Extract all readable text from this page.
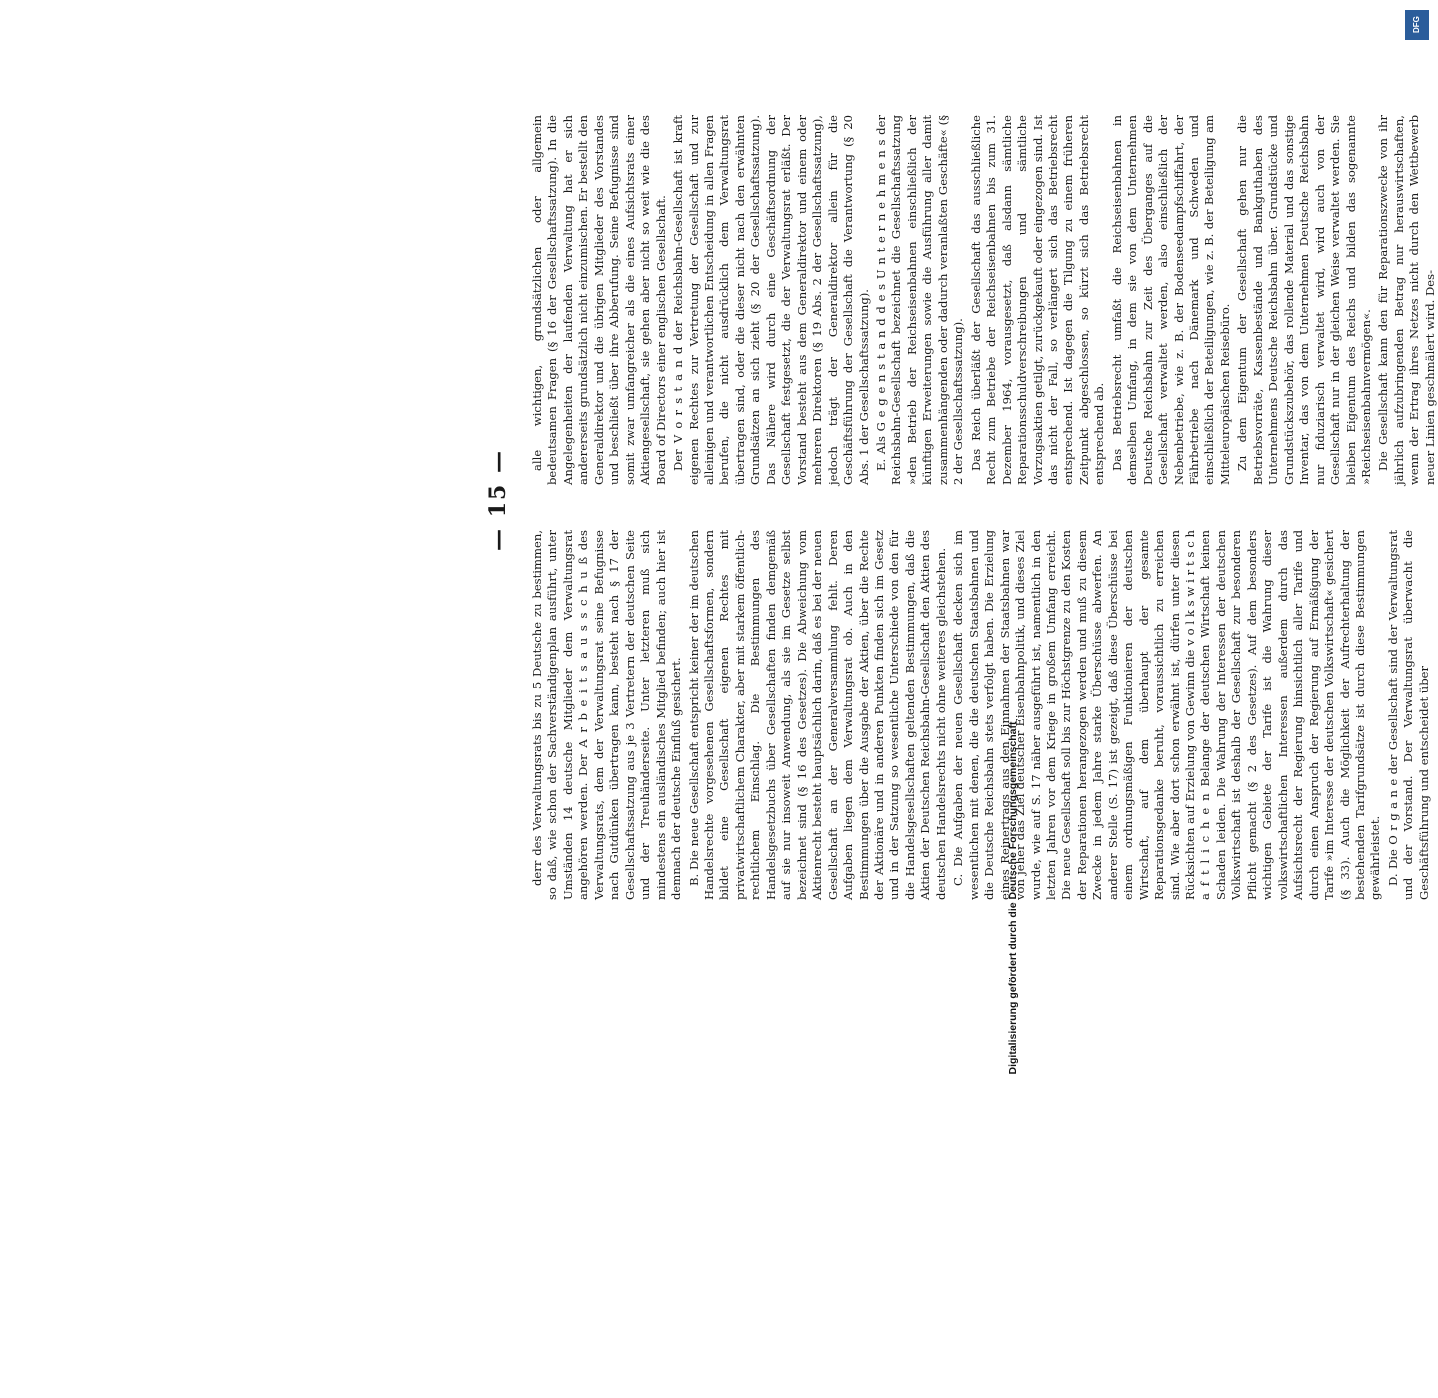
— 15 —

derr des Verwaltungsrats bis zu 5 Deutsche zu bestimmen, so daß, wie schon der Sachverständigenplan ausführt, unter Umständen 14 deutsche Mitglieder dem Verwaltungsrat angehören werden. Der A r b e i t s a u s s c h u ß des Verwaltungsrats, dem der Verwaltungsrat seine Befugnisse nach Gutdünken übertragen kann, besteht nach § 17 der Gesellschaftssatzung aus je 3 Vertretern der deutschen Seite und der Treuhänderseite. Unter letzteren muß sich mindestens ein ausländisches Mitglied befinden; auch hier ist demnach der deutsche Einfluß gesichert. B. Die neue Gesellschaft entspricht keiner der im deutschen Handelsrechte vorgesehenen Gesellschaftsformen, sondern bildet eine Gesellschaft eigenen Rechtes mit privatwirtschaftlichem Charakter, aber mit starkem öffentlich-rechtlichem Einschlag. Die Bestimmungen des Handelsgesetzbuchs über Gesellschaften finden demgemäß auf sie nur insoweit Anwendung, als sie im Gesetze selbst bezeichnet sind (§ 16 des Gesetzes). Die Abweichung vom Aktienrecht besteht hauptsächlich darin, daß es bei der neuen Gesellschaft an der Generalversammlung fehlt. Deren Aufgaben liegen dem Verwaltungsrat ob. Auch in den Bestimmungen über die Ausgabe der Aktien, über die Rechte der Aktionäre und in anderen Punkten finden sich im Gesetz und in der Satzung so wesentliche Unterschiede von den für die Handelsgesellschaften geltenden Bestimmungen, daß die Aktien der Deutschen Reichsbahn-Gesellschaft den Aktien des deutschen Handelsrechts nicht ohne weiteres gleichstehen. C. Die Aufgaben der neuen Gesellschaft decken sich im wesentlichen mit denen, die die deutschen Staatsbahnen und die Deutsche Reichsbahn stets verfolgt haben. Die Erzielung eines Reinertrags aus den Einnahmen der Staatsbahnen war von jeher das Ziel deutscher Eisenbahnpolitik, und dieses Ziel wurde, wie auf S. 17 näher ausgeführt ist, namentlich in den letzten Jahren vor dem Kriege in großem Umfang erreicht. Die neue Gesellschaft soll bis zur Höchstgrenze zu den Kosten der Reparationen herangezogen werden und muß zu diesem Zwecke in jedem Jahre starke Überschüsse abwerfen. An anderer Stelle (S. 17) ist gezeigt, daß diese Überschüsse bei einem ordnungsmäßigen Funktionieren der deutschen Wirtschaft, auf dem überhaupt der gesamte Reparationsgedanke beruht, voraussichtlich zu erreichen sind. Wie aber dort schon erwähnt ist, dürfen unter diesen Rücksichten auf Erzielung von Gewinn die v o l k s w i r t s c h a f t l i c h e n Belange der deutschen Wirtschaft keinen Schaden leiden. Die Wahrung der Interessen der deutschen Volkswirtschaft ist deshalb der Gesellschaft zur besonderen Pflicht gemacht (§ 2 des Gesetzes). Auf dem besonders wichtigen Gebiete der Tarife ist die Wahrung dieser volkswirtschaftlichen Interessen außerdem durch das Aufsichtsrecht der Regierung hinsichtlich aller Tarife und durch einen Anspruch der Regierung auf Ermäßigung der Tarife »im Interesse der deutschen Volkswirtschaft« gesichert (§ 33). Auch die Möglichkeit der Aufrechterhaltung der bestehenden Tarifgrundsätze ist durch diese Bestimmungen gewährleistet. D. Die O r g a n e der Gesellschaft sind der Verwaltungsrat und der Vorstand. Der Verwaltungsrat überwacht die Geschäftsführung und entscheidet über

alle wichtigen, grundsätzlichen oder allgemein bedeutsamen Fragen (§ 16 der Gesellschaftssatzung). In die Angelegenheiten der laufenden Verwaltung hat er sich andererseits grundsätzlich nicht einzumischen. Er bestellt den Generaldirektor und die übrigen Mitglieder des Vorstandes und beschließt über ihre Abberufung. Seine Befugnisse sind somit zwar umfangreicher als die eines Aufsichtsrats einer Aktiengesellschaft, sie gehen aber nicht so weit wie die des Board of Directors einer englischen Gesellschaft. Der V o r s t a n d der Reichsbahn-Gesellschaft ist kraft eigenen Rechtes zur Vertretung der Gesellschaft und zur alleinigen und verantwortlichen Entscheidung in allen Fragen berufen, die nicht ausdrücklich dem Verwaltungsrat übertragen sind, oder die dieser nicht nach den erwähnten Grundsätzen an sich zieht (§ 20 der Gesellschaftssatzung). Das Nähere wird durch eine Geschäftsordnung der Gesellschaft festgesetzt, die der Verwaltungsrat erläßt. Der Vorstand besteht aus dem Generaldirektor und einem oder mehreren Direktoren (§ 19 Abs. 2 der Gesellschaftssatzung), jedoch trägt der Generaldirektor allein für die Geschäftsführung der Gesellschaft die Verantwortung (§ 20 Abs. 1 der Gesellschaftssatzung). E. Als G e g e n s t a n d d e s U n t e r n e h m e n s der Reichsbahn-Gesellschaft bezeichnet die Gesellschaftssatzung »den Betrieb der Reichseisenbahnen einschließlich der künftigen Erweiterungen sowie die Ausführung aller damit zusammenhängenden oder dadurch veranlaßten Geschäfte« (§ 2 der Gesellschaftssatzung). Das Reich überläßt der Gesellschaft das ausschließliche Recht zum Betriebe der Reichseisenbahnen bis zum 31. Dezember 1964, vorausgesetzt, daß alsdann sämtliche Reparationsschuldverschreibungen und sämtliche Vorzugsaktien getilgt, zurückgekauft oder eingezogen sind. Ist das nicht der Fall, so verlängert sich das Betriebsrecht entsprechend. Ist dagegen die Tilgung zu einem früheren Zeitpunkt abgeschlossen, so kürzt sich das Betriebsrecht entsprechend ab. Das Betriebsrecht umfaßt die Reichseisenbahnen in demselben Umfang, in dem sie von dem Unternehmen Deutsche Reichsbahn zur Zeit des Überganges auf die Gesellschaft verwaltet werden, also einschließlich der Nebenbetriebe, wie z. B. der Bodenseedampfschiffahrt, der Fährbetriebe nach Dänemark und Schweden und einschließlich der Beteiligungen, wie z. B. der Beteiligung am Mitteleuropäischen Reisebüro. Zu dem Eigentum der Gesellschaft gehen nur die Betriebsvorräte, Kassenbestände und Bankguthaben des Unternehmens Deutsche Reichsbahn über. Grundstücke und Grundstückszubehör, das rollende Material und das sonstige Inventar, das von dem Unternehmen Deutsche Reichsbahn nur fiduziarisch verwaltet wird, wird auch von der Gesellschaft nur in der gleichen Weise verwaltet werden. Sie bleiben Eigentum des Reichs und bilden das sogenannte »Reichseisenbahnvermögen«. Die Gesellschaft kann den für Reparationszwecke von ihr jährlich aufzubringenden Betrag nur herauswirtschaften, wenn der Ertrag ihres Netzes nicht durch den Wettbewerb neuer Linien geschmälert wird. Des-

Digitalisierung gefördert durch die Deutsche Forschungsgemeinschaft
DFG
